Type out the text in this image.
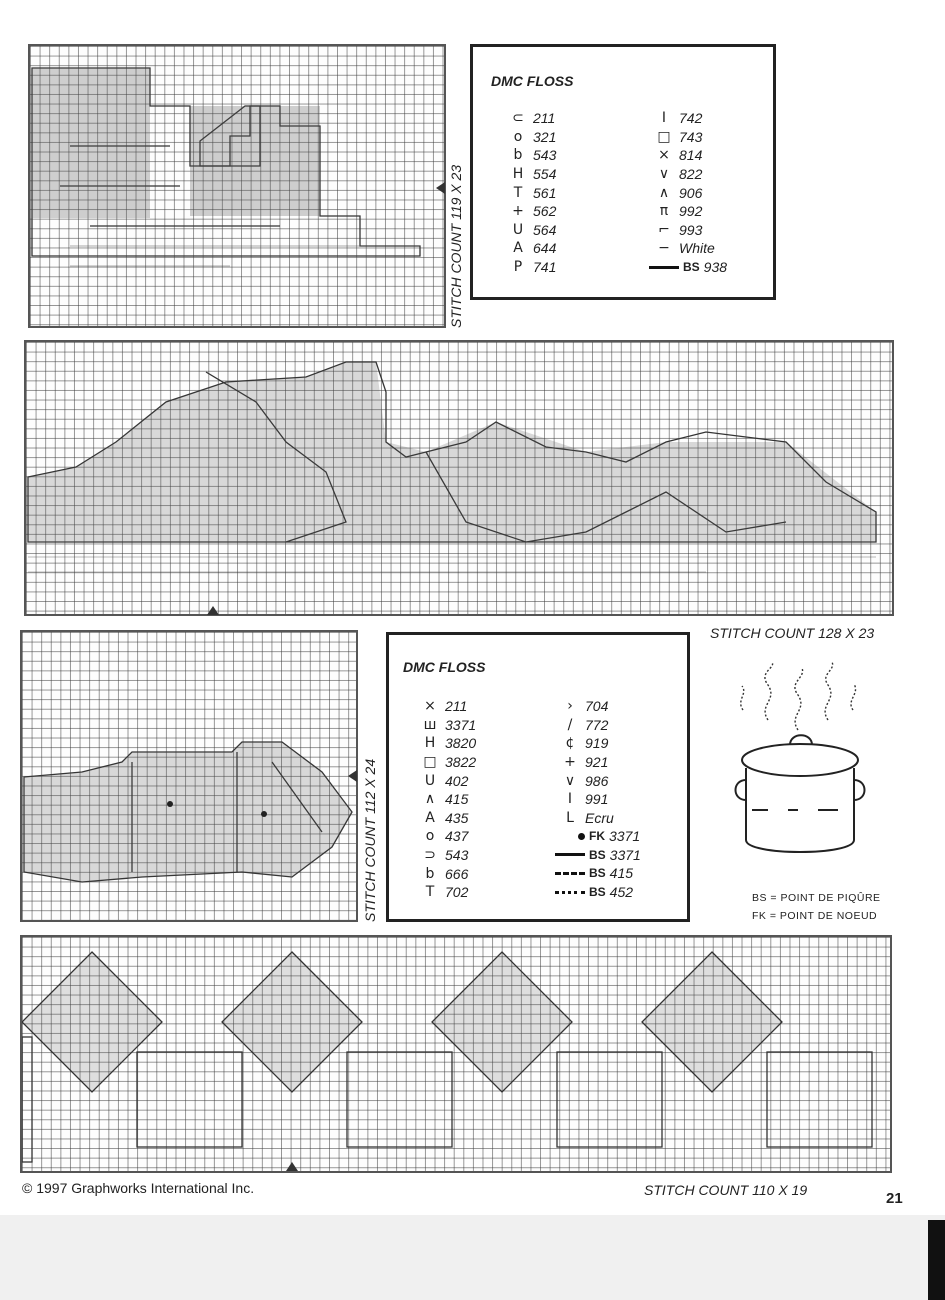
STITCH COUNT 119 X 23
DMC FLOSS
⊂ 211
o 321
b 543
H 554
T 561
+ 562
U 564
A 644
P 741
I 742
□ 743
× 814
∨ 822
∧ 906
π 992
⌐ 993
− White
BS 938
STITCH COUNT 128 X 23
STITCH COUNT 112 X 24
DMC FLOSS
× 211
ш 3371
H 3820
□ 3822
U 402
∧ 415
A 435
o 437
⊃ 543
b 666
T 702
› 704
/ 772
¢ 919
+ 921
∨ 986
I 991
L Ecru
FK 3371
BS 3371
BS 415
BS 452	BS = POINT DE PIQÛRE
FK = POINT DE NOEUD
© 1997 Graphworks International Inc.	STITCH COUNT 110 X 19	21
